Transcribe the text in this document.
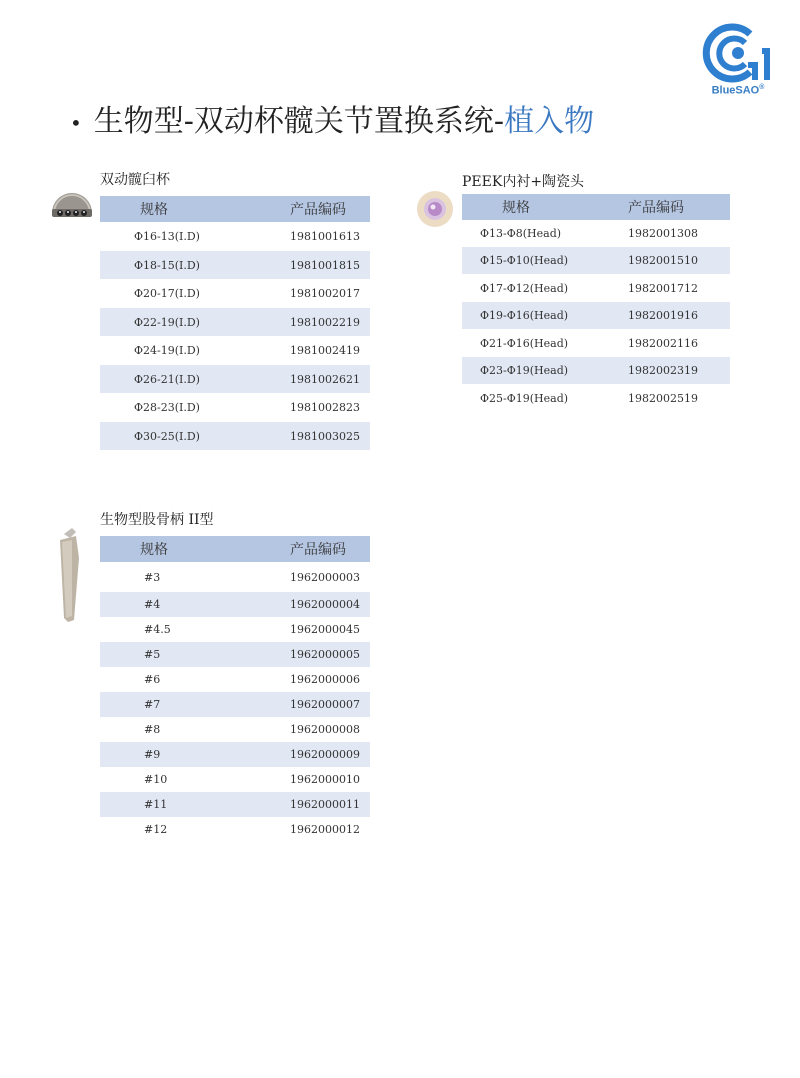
BlueSAO®
• 生物型-双动杯髋关节置换系统-植入物
双动髋臼杯
规格	产品编码
Φ16-13(I.D)	1981001613
Φ18-15(I.D)	1981001815
Φ20-17(I.D)	1981002017
Φ22-19(I.D)	1981002219
Φ24-19(I.D)	1981002419
Φ26-21(I.D)	1981002621
Φ28-23(I.D)	1981002823
Φ30-25(I.D)	1981003025
PEEK内衬+陶瓷头
规格	产品编码
Φ13-Φ8(Head)	1982001308
Φ15-Φ10(Head)	1982001510
Φ17-Φ12(Head)	1982001712
Φ19-Φ16(Head)	1982001916
Φ21-Φ16(Head)	1982002116
Φ23-Φ19(Head)	1982002319
Φ25-Φ19(Head)	1982002519
生物型股骨柄 II型
规格	产品编码
#3	1962000003
#4	1962000004
#4.5	1962000045
#5	1962000005
#6	1962000006
#7	1962000007
#8	1962000008
#9	1962000009
#10	1962000010
#11	1962000011
#12	1962000012
